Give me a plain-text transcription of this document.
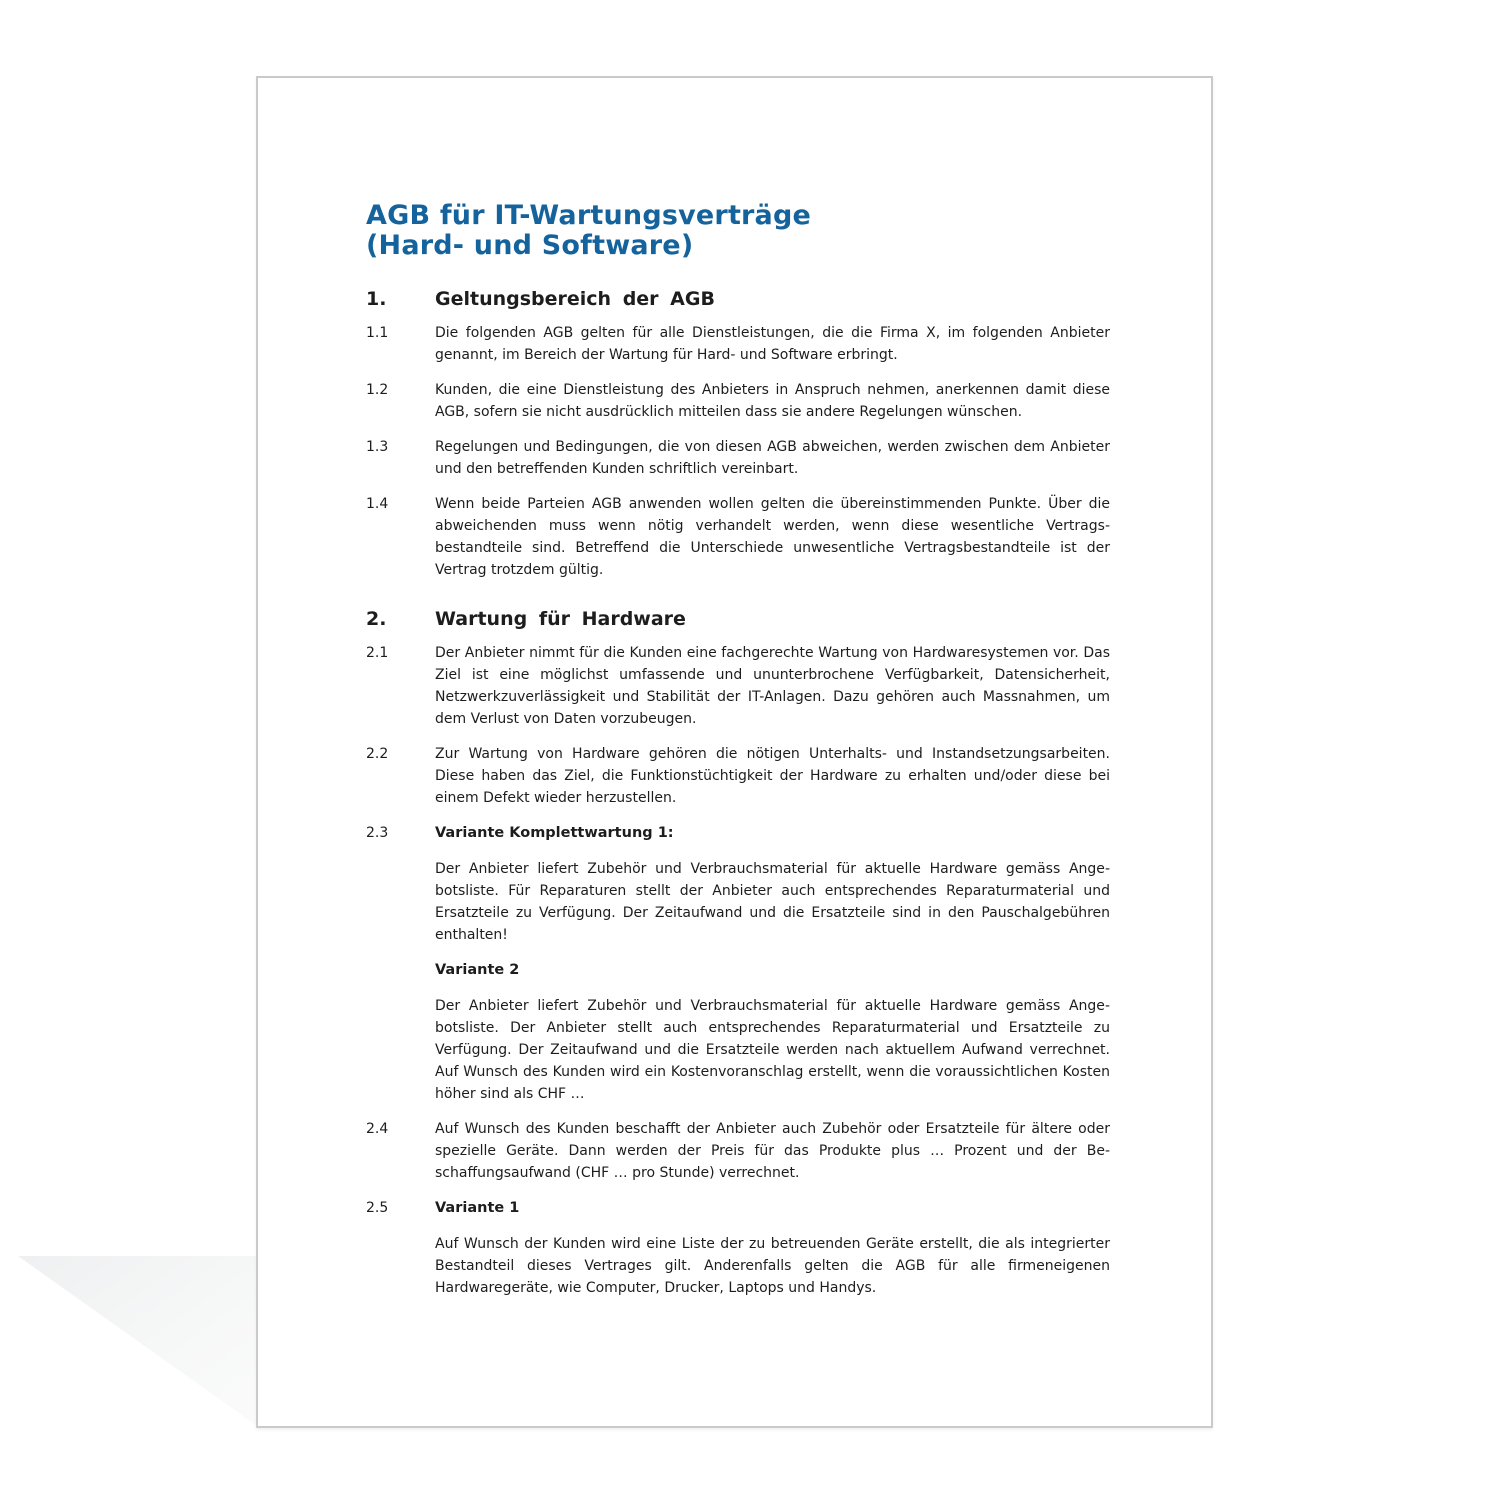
AGB für IT-Wartungsverträge
(Hard- und Software)
1.	Geltungsbereich der AGB
1.1	Die folgenden AGB gelten für alle Dienstleistungen, die die Firma X, im folgenden Anbieter genannt, im Bereich der Wartung für Hard- und Software erbringt.

1.2	Kunden, die eine Dienstleistung des Anbieters in Anspruch nehmen, anerkennen damit diese AGB, sofern sie nicht ausdrücklich mitteilen dass sie andere Regelungen wünschen.

1.3	Regelungen und Bedingungen, die von diesen AGB abweichen, werden zwischen dem Anbieter und den betreffenden Kunden schriftlich vereinbart.

1.4	Wenn beide Parteien AGB anwenden wollen gelten die übereinstimmenden Punkte. Über die abweichenden muss wenn nötig verhandelt werden, wenn diese wesentliche Vertragsbestandteile sind. Betreffend die Unterschiede unwesentliche Vertragsbestandteile ist der Vertrag trotzdem gültig.

2.	Wartung für Hardware
2.1	Der Anbieter nimmt für die Kunden eine fachgerechte Wartung von Hardwaresystemen vor. Das Ziel ist eine möglichst umfassende und ununterbrochene Verfügbarkeit, Datensicherheit, Netzwerkzuverlässigkeit und Stabilität der IT-Anlagen. Dazu gehören auch Massnahmen, um dem Verlust von Daten vorzubeugen.

2.2	Zur Wartung von Hardware gehören die nötigen Unterhalts- und Instandsetzungsarbeiten. Diese haben das Ziel, die Funktionstüchtigkeit der Hardware zu erhalten und/oder diese bei einem Defekt wieder herzustellen.

2.3	Variante Komplettwartung 1:

Der Anbieter liefert Zubehör und Verbrauchsmaterial für aktuelle Hardware gemäss Angebotsliste. Für Reparaturen stellt der Anbieter auch entsprechendes Reparaturmaterial und Ersatzteile zu Verfügung. Der Zeitaufwand und die Ersatzteile sind in den Pauschalgebühren enthalten!

Variante 2

Der Anbieter liefert Zubehör und Verbrauchsmaterial für aktuelle Hardware gemäss Angebotsliste. Der Anbieter stellt auch entsprechendes Reparaturmaterial und Ersatzteile zu Verfügung. Der Zeitaufwand und die Ersatzteile werden nach aktuellem Aufwand verrechnet. Auf Wunsch des Kunden wird ein Kostenvoranschlag erstellt, wenn die voraussichtlichen Kosten höher sind als CHF …

2.4	Auf Wunsch des Kunden beschafft der Anbieter auch Zubehör oder Ersatzteile für ältere oder spezielle Geräte. Dann werden der Preis für das Produkte plus … Prozent und der Beschaffungsaufwand (CHF … pro Stunde) verrechnet.

2.5	Variante 1

Auf Wunsch der Kunden wird eine Liste der zu betreuenden Geräte erstellt, die als integrierter Bestandteil dieses Vertrages gilt. Anderenfalls gelten die AGB für alle firmeneigenen Hardwaregeräte, wie Computer, Drucker, Laptops und Handys.
